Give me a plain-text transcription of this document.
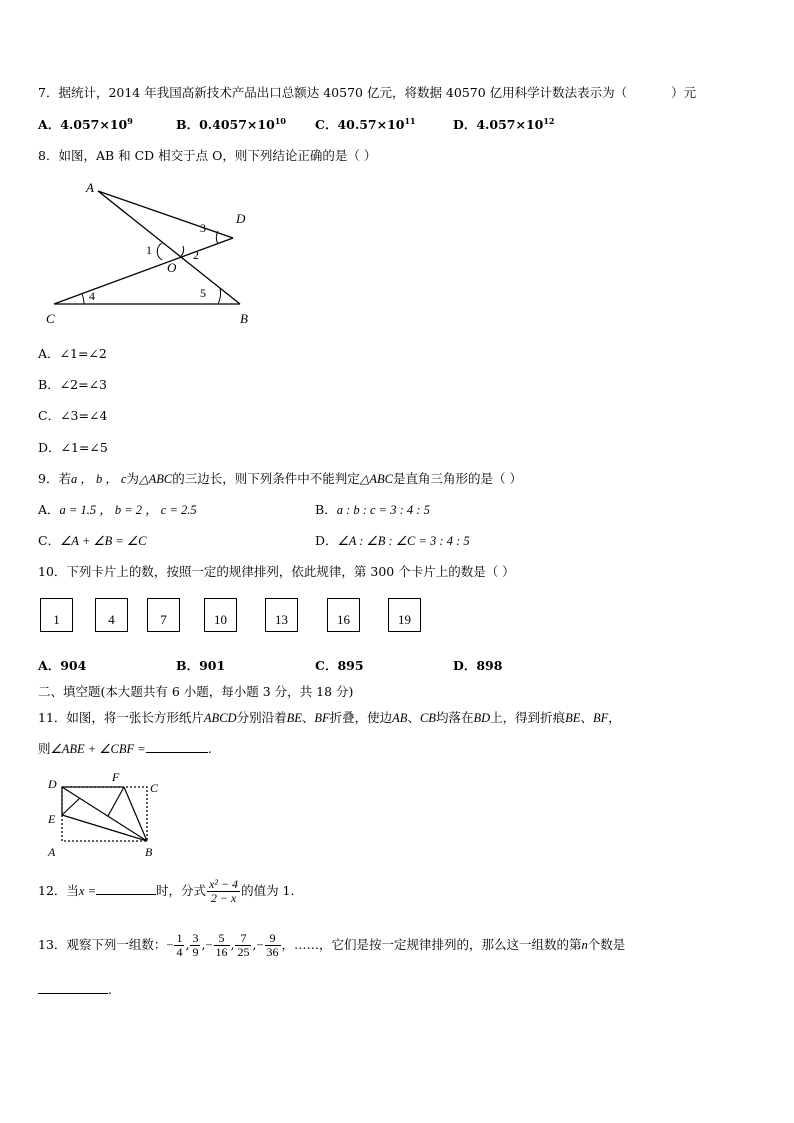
7．据统计，2014 年我国高新技术产品出口总额达 40570 亿元，将数据 40570 亿用科学计数法表示为（	）元
A．$4.057\times 10^9$	B．$0.4057\times 10^{10}$ C．$40.57\times 10^{11}$	D．$4.057\times 10^{12}$
8．如图，AB 和 CD 相交于点 O，则下列结论正确的是（ ）
A
D
O
C	B
1	2
3
4	5
A．∠1=∠2
B．∠2=∠3
C．∠3=∠4
D．∠1=∠5
9．若a ， b ， c为△ABC的三边长，则下列条件中不能判定△ABC是直角三角形的是（ ）
A．a = 1.5 ， b = 2 ， c = 2.5	B．a : b : c = 3 : 4 : 5
C．∠A + ∠B = ∠C	D．∠A : ∠B : ∠C = 3 : 4 : 5
10．下列卡片上的数，按照一定的规律排列，依此规律，第 300 个卡片上的数是（ ）
1	4	7	10	13	16	19
A．904	B．901	C．895	D．898
二、填空题(本大题共有 6 小题，每小题 3 分，共 18 分)
11．如图，将一张长方形纸片ABCD分别沿着BE、BF折叠，使边AB、CB均落在BD上，得到折痕BE、BF，
则∠ABE + ∠CBF =	.
D	F
C
E
A	B
12．当x =	时，分式 $\frac{\text{x² − 4}}{2 - x}$ 的值为 1.
13．观察下列一组数：− $\frac{1}{4}$ , $\frac{3}{9}$ ,− $\frac{5}{16}$ , $\frac{7}{25}$ ,− $\frac{9}{36}$ ，……，它们是按一定规律排列的，那么这一组数的第n个数是
.
